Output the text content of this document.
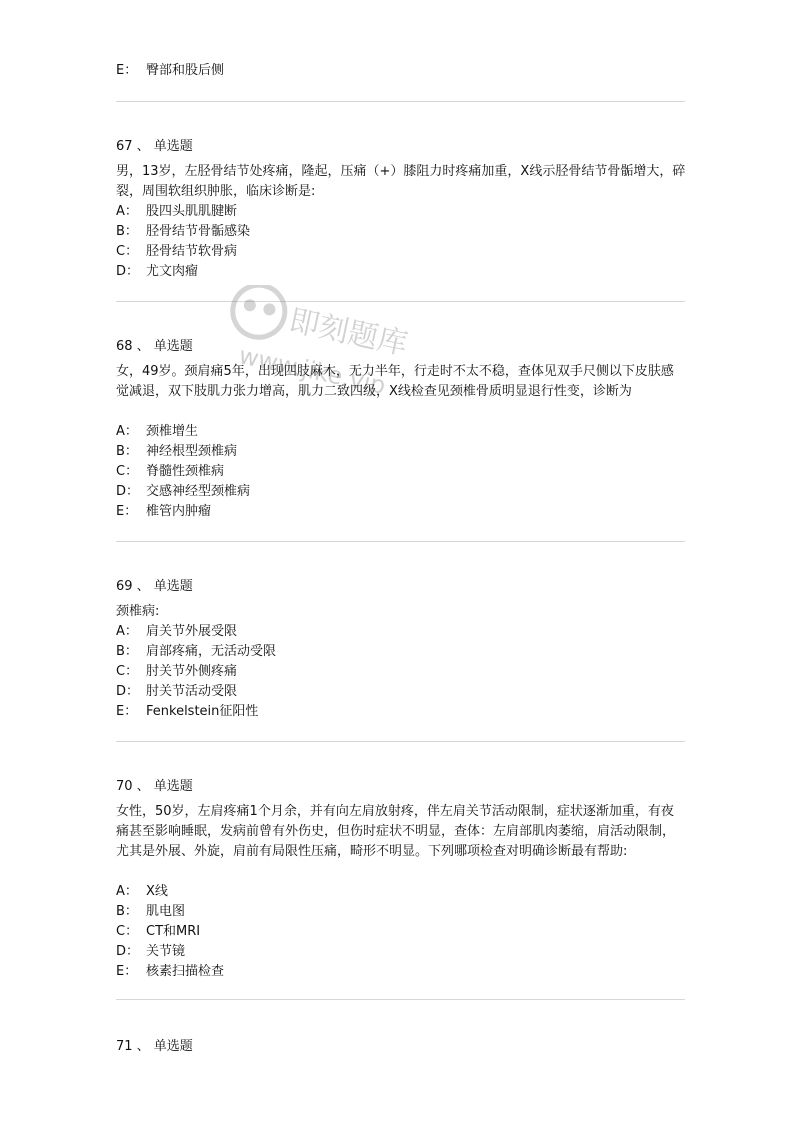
E： 臀部和股后侧
67 、 单选题
男，13岁，左胫骨结节处疼痛，隆起，压痛（+）膝阻力时疼痛加重，X线示胫骨结节骨骺增大，碎裂，周围软组织肿胀，临床诊断是:
A： 股四头肌肌腱断
B： 胫骨结节骨骺感染
C： 胫骨结节软骨病
D： 尤文肉瘤
68 、 单选题
女，49岁。颈肩痛5年，出现四肢麻木，无力半年，行走时不太不稳，查体见双手尺侧以下皮肤感觉减退，双下肢肌力张力增高，肌力二致四级，X线检查见颈椎骨质明显退行性变，诊断为
A： 颈椎增生
B： 神经根型颈椎病
C： 脊髓性颈椎病
D： 交感神经型颈椎病
E： 椎管内肿瘤
69 、 单选题
颈椎病:
A： 肩关节外展受限
B： 肩部疼痛，无活动受限
C： 肘关节外侧疼痛
D： 肘关节活动受限
E： Fenkelstein征阳性
70 、 单选题
女性，50岁，左肩疼痛1个月余，并有向左肩放射疼，伴左肩关节活动限制，症状逐渐加重，有夜痛甚至影响睡眠，发病前曾有外伤史，但伤时症状不明显，查体：左肩部肌肉萎缩，肩活动限制，尤其是外展、外旋，肩前有局限性压痛，畸形不明显。下列哪项检查对明确诊断最有帮助:
A： X线
B： 肌电图
C： CT和MRI
D： 关节镜
E： 核素扫描检查
71 、 单选题
即刻题库
www.jike.vip
